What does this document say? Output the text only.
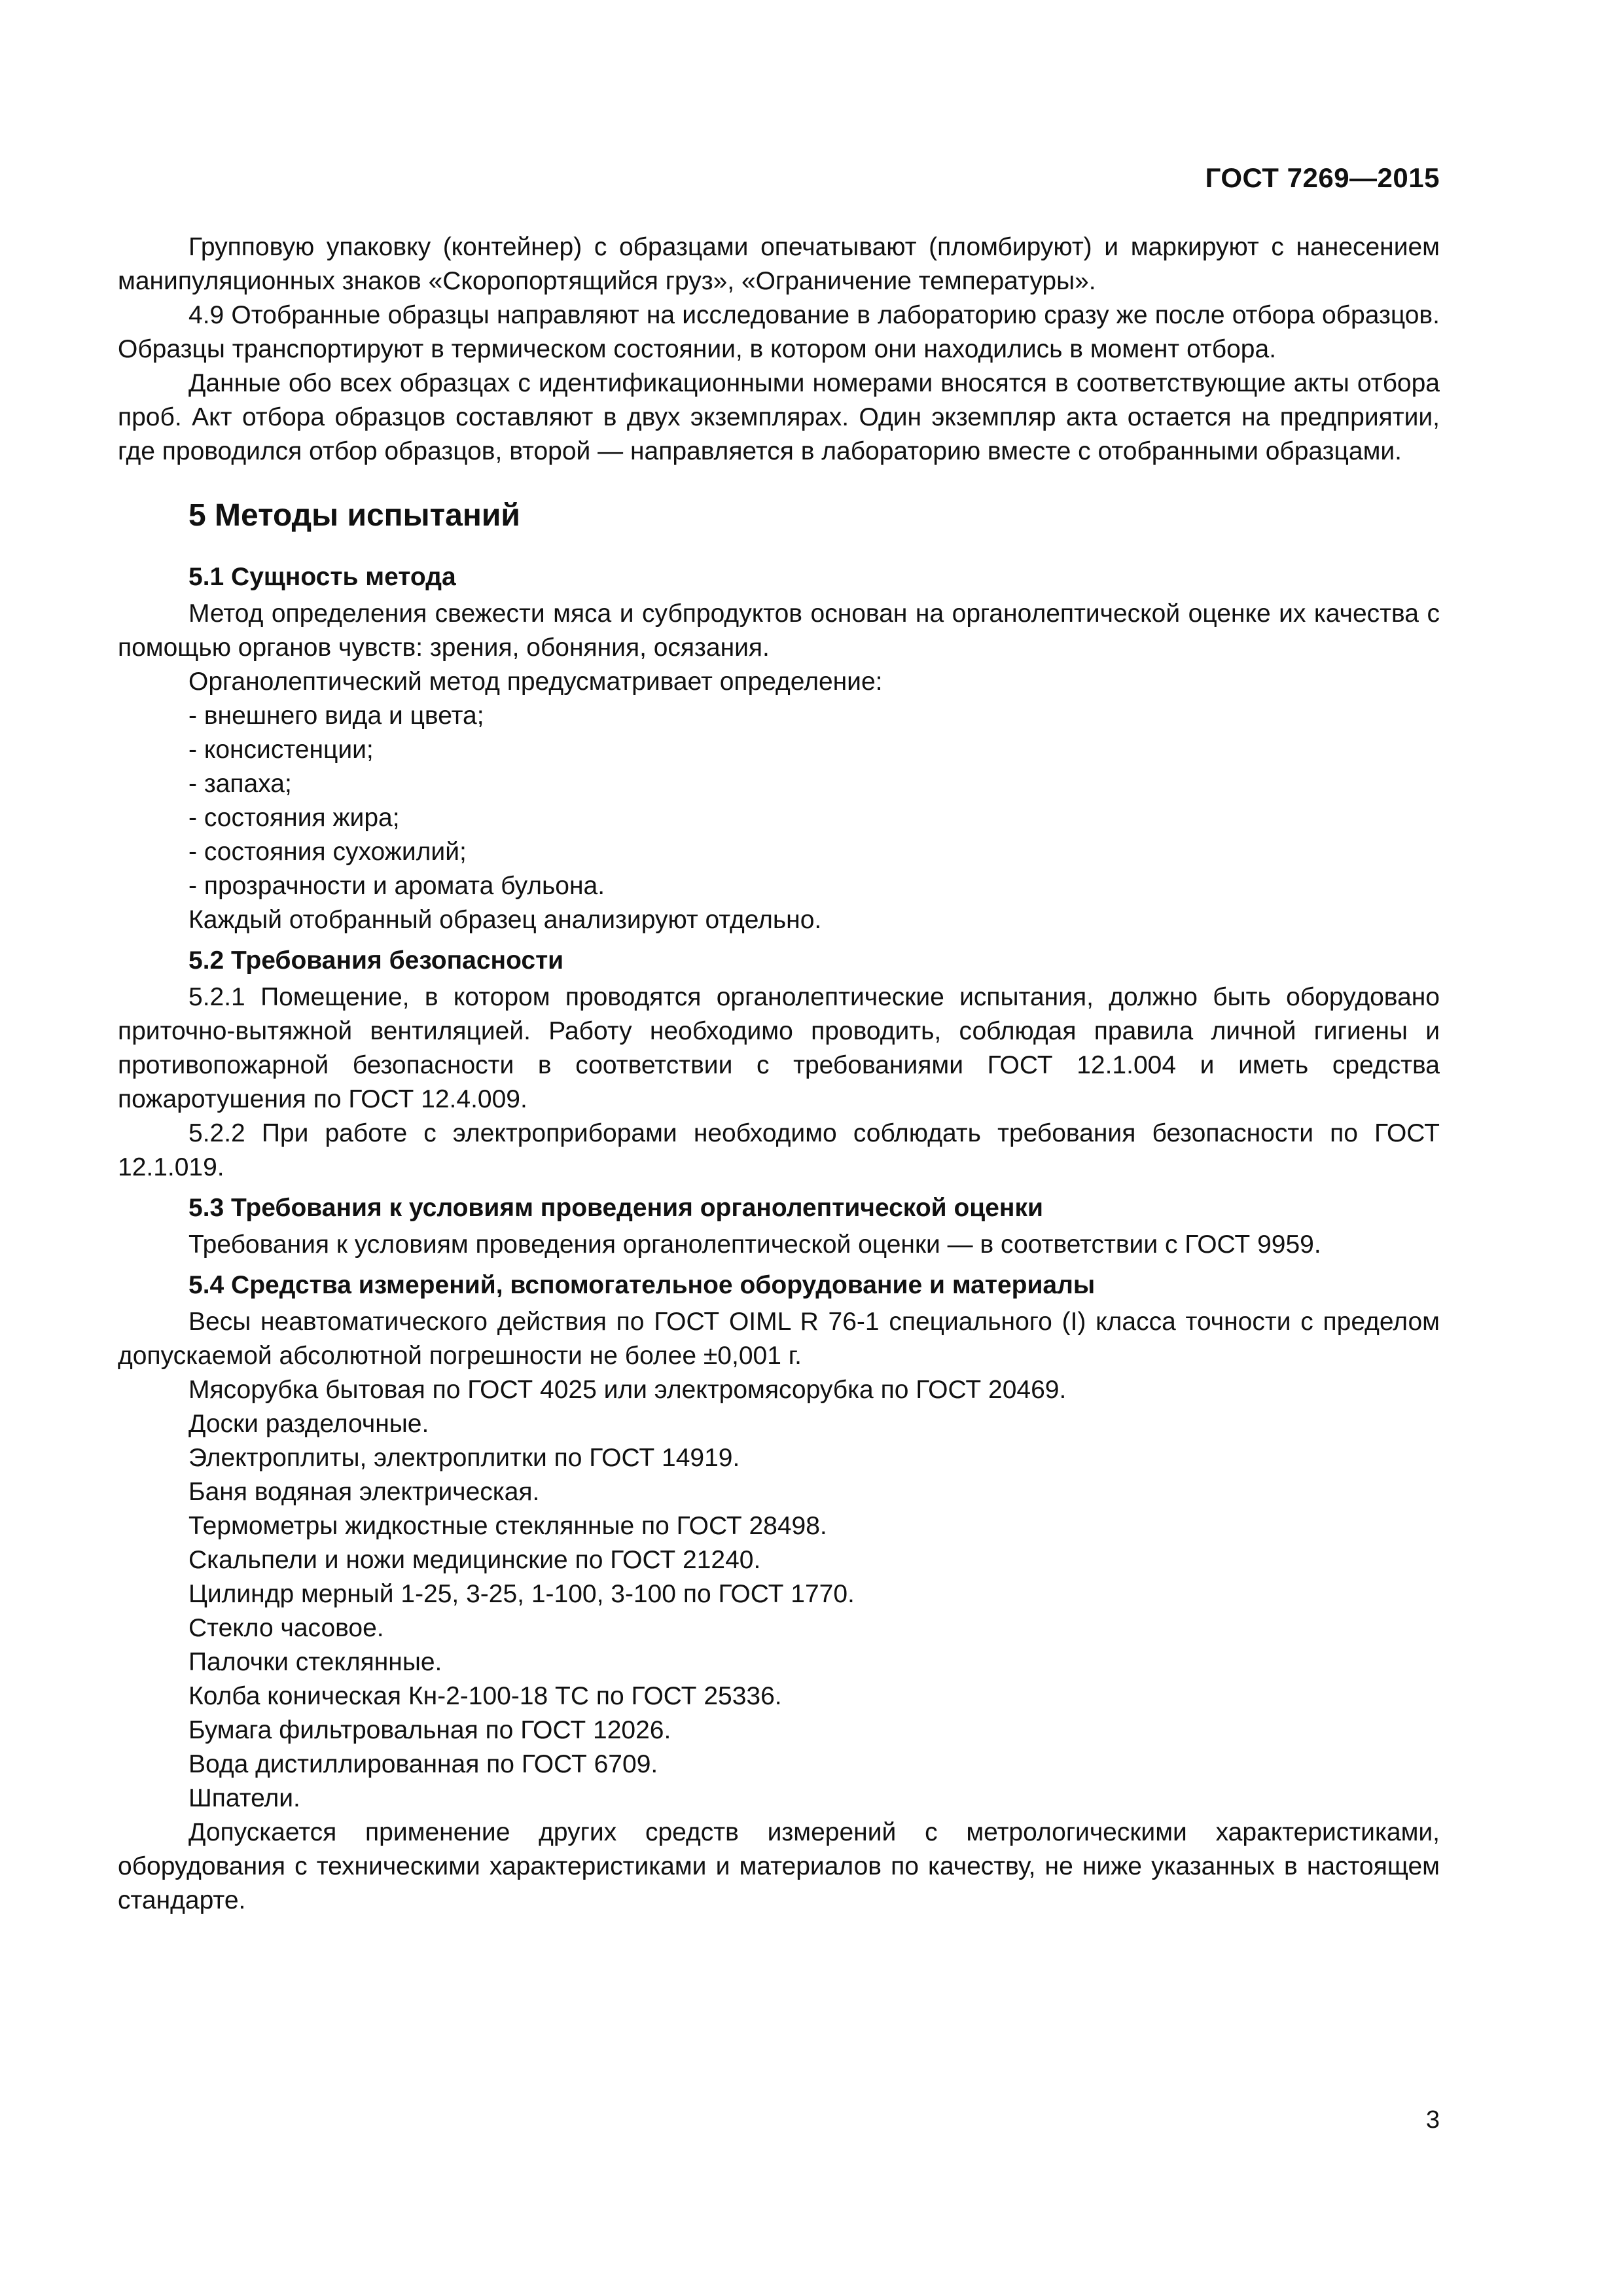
ГОСТ 7269—2015

Групповую упаковку (контейнер) с образцами опечатывают (пломбируют) и маркируют с нанесением манипуляционных знаков «Скоропортящийся груз», «Ограничение температуры».

4.9 Отобранные образцы направляют на исследование в лабораторию сразу же после отбора образцов. Образцы транспортируют в термическом состоянии, в котором они находились в момент отбора.

Данные обо всех образцах с идентификационными номерами вносятся в соответствующие акты отбора проб. Акт отбора образцов составляют в двух экземплярах. Один экземпляр акта остается на предприятии, где проводился отбор образцов, второй — направляется в лабораторию вместе с отобранными образцами.

5 Методы испытаний
5.1 Сущность метода

Метод определения свежести мяса и субпродуктов основан на органолептической оценке их качества с помощью органов чувств: зрения, обоняния, осязания.

Органолептический метод предусматривает определение:

- внешнего вида и цвета;
- консистенции;
- запаха;
- состояния жира;
- состояния сухожилий;
- прозрачности и аромата бульона.

Каждый отобранный образец анализируют отдельно.

5.2 Требования безопасности

5.2.1 Помещение, в котором проводятся органолептические испытания, должно быть оборудовано приточно-вытяжной вентиляцией. Работу необходимо проводить, соблюдая правила личной гигиены и противопожарной безопасности в соответствии с требованиями ГОСТ 12.1.004 и иметь средства пожаротушения по ГОСТ 12.4.009.

5.2.2 При работе с электроприборами необходимо соблюдать требования безопасности по ГОСТ 12.1.019.

5.3 Требования к условиям проведения органолептической оценки

Требования к условиям проведения органолептической оценки — в соответствии с ГОСТ 9959.

5.4 Средства измерений, вспомогательное оборудование и материалы

Весы неавтоматического действия по ГОСТ OIML R 76-1 специального (I) класса точности с пределом допускаемой абсолютной погрешности не более ±0,001 г.

Мясорубка бытовая по ГОСТ 4025 или электромясорубка по ГОСТ 20469.
Доски разделочные.
Электроплиты, электроплитки по ГОСТ 14919.
Баня водяная электрическая.
Термометры жидкостные стеклянные по ГОСТ 28498.
Скальпели и ножи медицинские по ГОСТ 21240.
Цилиндр мерный 1-25, 3-25, 1-100, 3-100 по ГОСТ 1770.
Стекло часовое.
Палочки стеклянные.
Колба коническая Кн-2-100-18 ТС по ГОСТ 25336.
Бумага фильтровальная по ГОСТ 12026.
Вода дистиллированная по ГОСТ 6709.
Шпатели.

Допускается применение других средств измерений с метрологическими характеристиками, оборудования с техническими характеристиками и материалов по качеству, не ниже указанных в настоящем стандарте.

3
